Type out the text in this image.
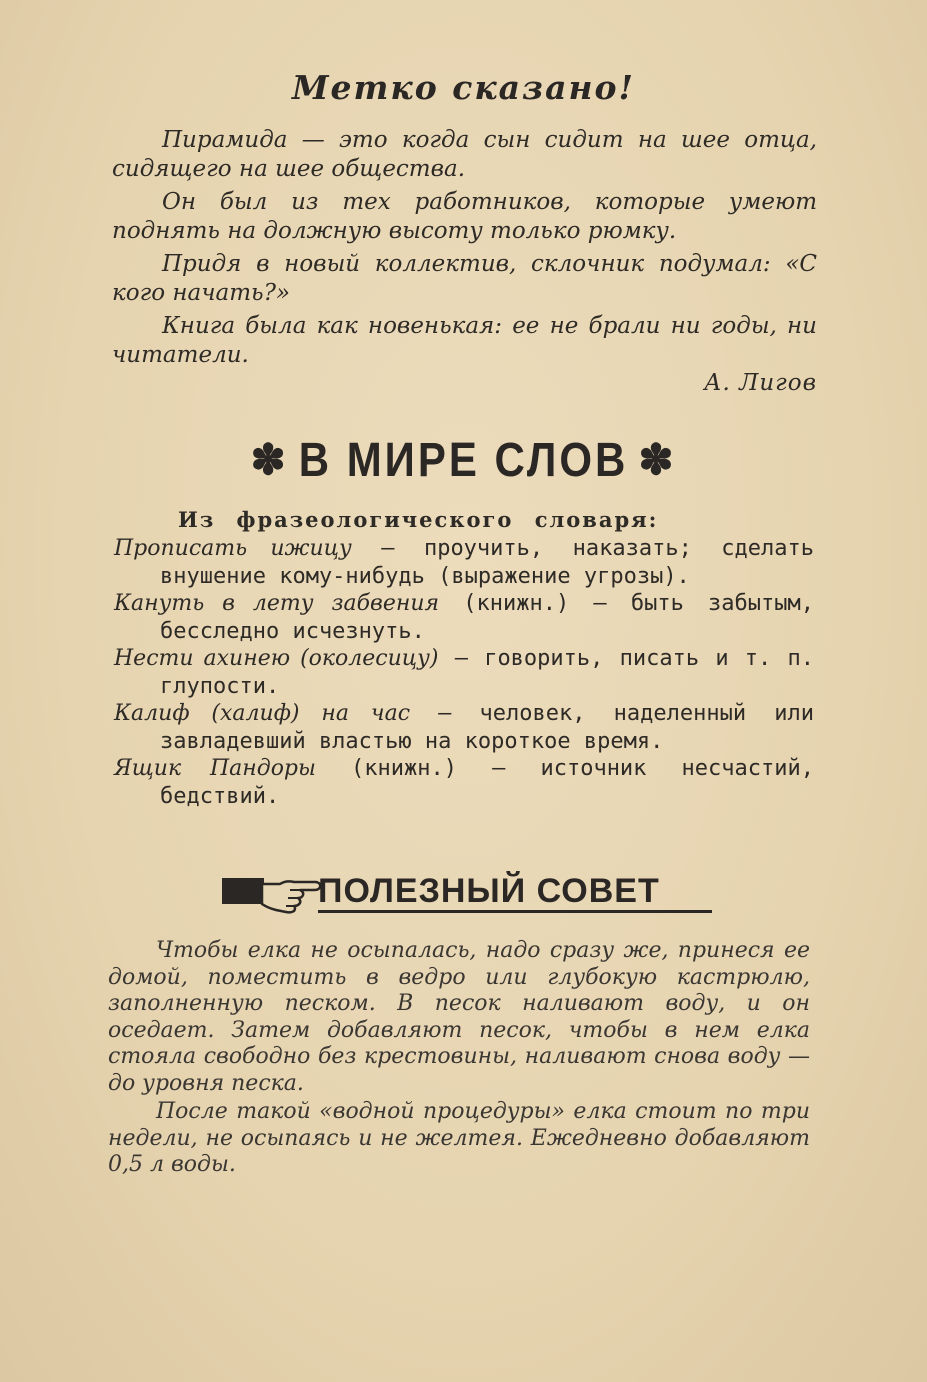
Метко сказано!

Пирамида — это когда сын сидит на шее отца, сидящего на шее общества.

Он был из тех работников, которые умеют поднять на должную высоту только рюмку.

Придя в новый коллектив, склочник подумал: «С кого начать?»

Книга была как новенькая: ее не брали ни годы, ни читатели.

А. Лигов
✽ В МИРЕ СЛОВ ✽
Из фразеологического словаря:

Прописать ижицу — проучить, наказать; сделать внушение кому-нибудь (выражение угрозы).

Кануть в лету забвения (книжн.) — быть забытым, бесследно исчезнуть.

Нести ахинею (околесицу) — говорить, писать и т. п. глупости.

Калиф (халиф) на час — человек, наделенный или завладевший властью на короткое время.

Ящик Пандоры (книжн.) — источник несчастий, бедствий.

ПОЛЕЗНЫЙ СОВЕТ

Чтобы елка не осыпалась, надо сразу же, принеся ее домой, поместить в ведро или глубокую кастрюлю, заполненную песком. В песок наливают воду, и он оседает. Затем добавляют песок, чтобы в нем елка стояла свободно без крестовины, наливают снова воду — до уровня песка.

После такой «водной процедуры» елка стоит по три недели, не осыпаясь и не желтея. Ежедневно добавляют 0,5 л воды.
